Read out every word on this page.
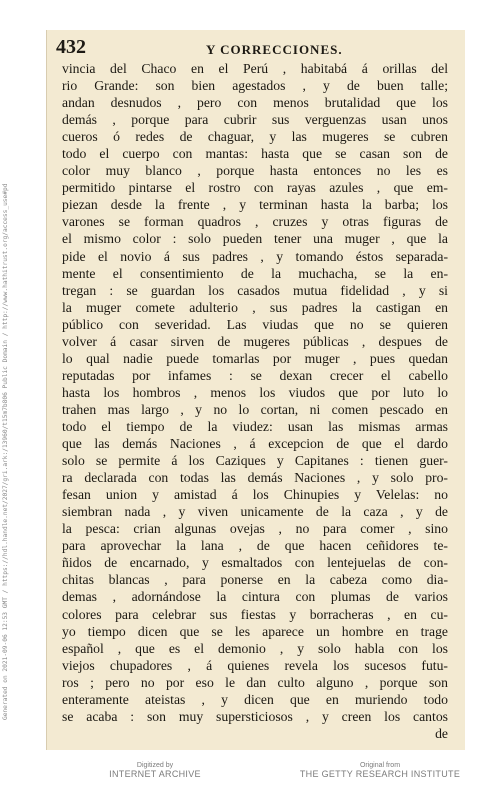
432	Y CORRECCIONES.
vincia del Chaco en el Perú , habitabá á orillas del
rio Grande: son bien agestados , y de buen talle;
andan desnudos , pero con menos brutalidad que los
demás , porque para cubrir sus verguenzas usan unos
cueros ó redes de chaguar, y las mugeres se cubren
todo el cuerpo con mantas: hasta que se casan son de
color muy blanco , porque hasta entonces no les es
permitido pintarse el rostro con rayas azules , que em-
piezan desde la frente , y terminan hasta la barba; los
varones se forman quadros , cruzes y otras figuras de
el mismo color : solo pueden tener una muger , que la
pide el novio á sus padres , y tomando éstos separada-
mente el consentimiento de la muchacha, se la en-
tregan : se guardan los casados mutua fidelidad , y si
la muger comete adulterio , sus padres la castigan en
público con severidad. Las viudas que no se quieren
volver á casar sirven de mugeres públicas , despues de
lo qual nadie puede tomarlas por muger , pues quedan
reputadas por infames : se dexan crecer el cabello
hasta los hombros , menos los viudos que por luto lo
trahen mas largo , y no lo cortan, ni comen pescado en
todo el tiempo de la viudez: usan las mismas armas
que las demás Naciones , á excepcion de que el dardo
solo se permite á los Caziques y Capitanes : tienen guer-
ra declarada con todas las demás Naciones , y solo pro-
fesan union y amistad á los Chinupies y Velelas: no
siembran nada , y viven unicamente de la caza , y de
la pesca: crian algunas ovejas , no para comer , sino
para aprovechar la lana , de que hacen ceñidores te-
ñidos de encarnado, y esmaltados con lentejuelas de con-
chitas blancas , para ponerse en la cabeza como dia-
demas , adornándose la cintura con plumas de varios
colores para celebrar sus fiestas y borracheras , en cu-
yo tiempo dicen que se les aparece un hombre en trage
español , que es el demonio , y solo habla con los
viejos chupadores , á quienes revela los sucesos futu-
ros ; pero no por eso le dan culto alguno , porque son
enteramente ateistas , y dicen que en muriendo todo
se acaba : son muy supersticiosos , y creen los cantos
de
Generated on 2021-09-06 12:53 GMT / https://hdl.handle.net/2027/gri.ark:/13960/t15m7b806 Public Domain / http://www.hathitrust.org/access_use#pd
Digitized by
INTERNET ARCHIVE
Original from
THE GETTY RESEARCH INSTITUTE
